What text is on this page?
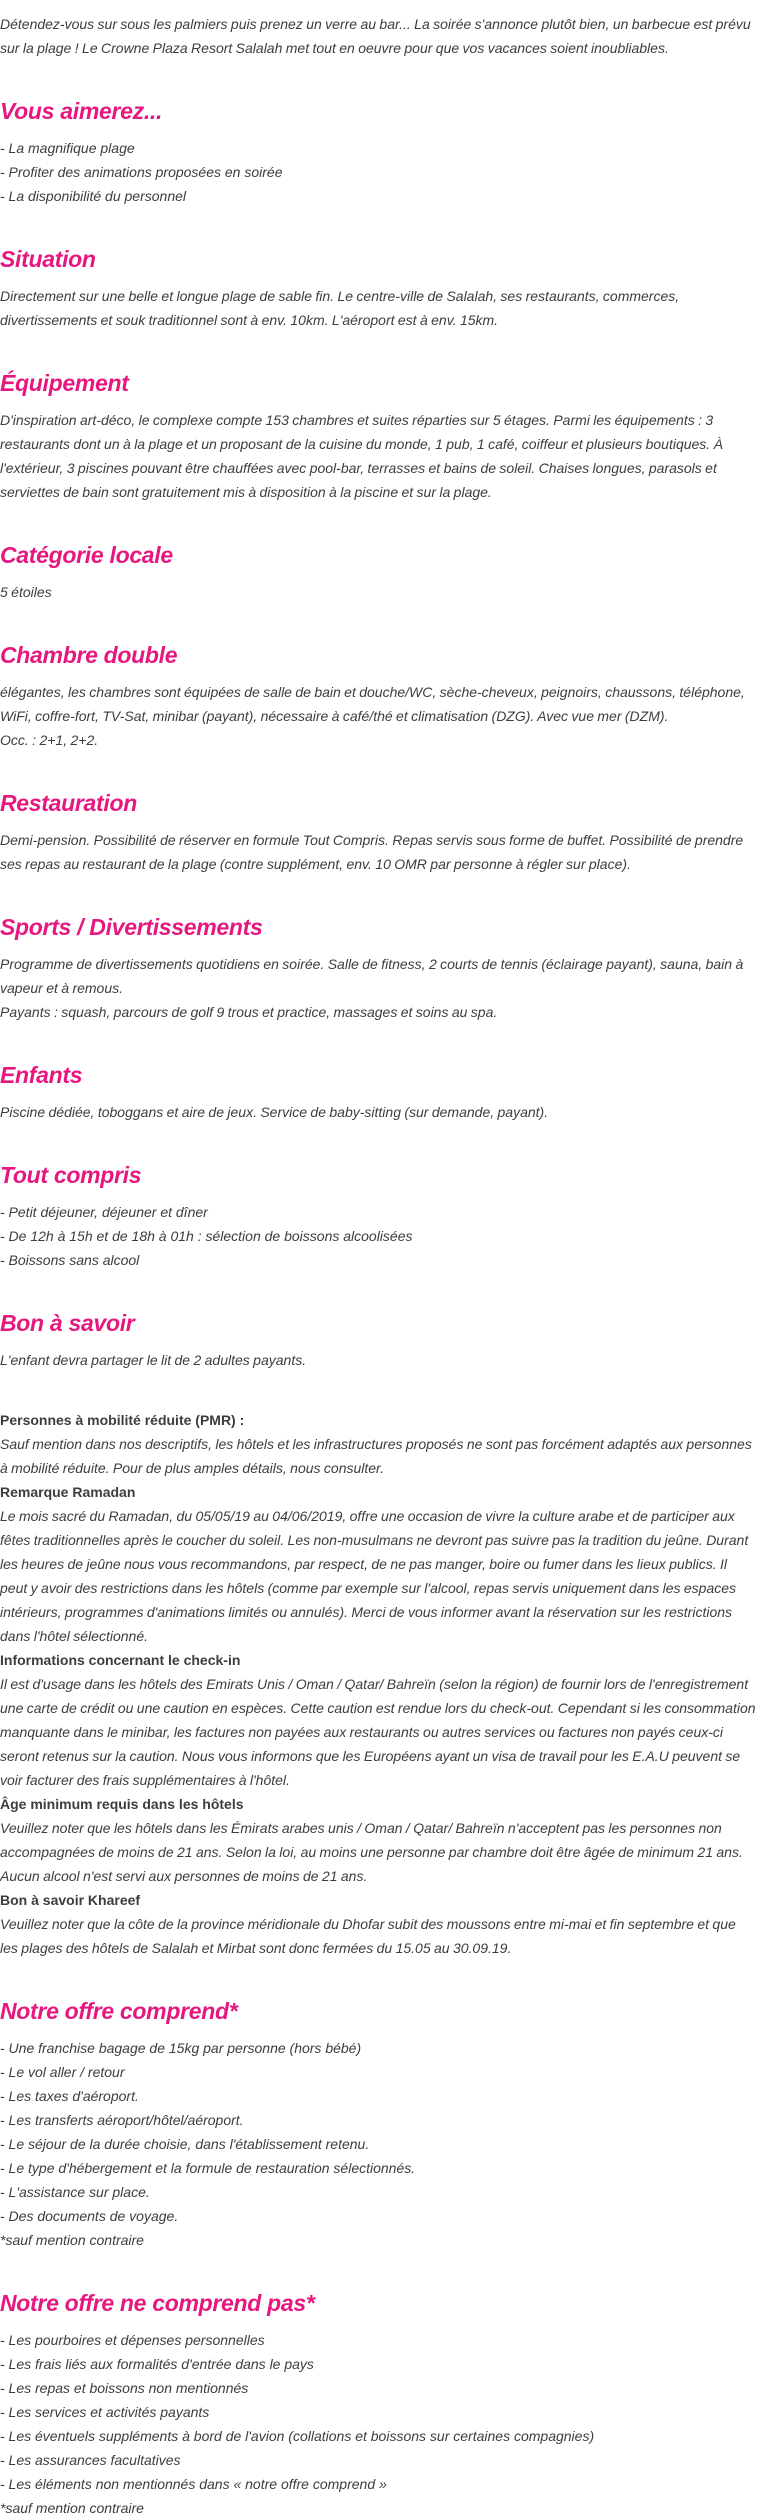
Détendez-vous sur sous les palmiers puis prenez un verre au bar... La soirée s'annonce plutôt bien, un barbecue est prévu sur la plage ! Le Crowne Plaza Resort Salalah met tout en oeuvre pour que vos vacances soient inoubliables.

Vous aimerez...

- La magnifique plage

- Profiter des animations proposées en soirée

- La disponibilité du personnel

Situation

Directement sur une belle et longue plage de sable fin. Le centre-ville de Salalah, ses restaurants, commerces, divertissements et souk traditionnel sont à env. 10km. L'aéroport est à env. 15km.

Équipement

D'inspiration art-déco, le complexe compte 153 chambres et suites réparties sur 5 étages. Parmi les équipements : 3 restaurants dont un à la plage et un proposant de la cuisine du monde, 1 pub, 1 café, coiffeur et plusieurs boutiques. À l'extérieur, 3 piscines pouvant être chauffées avec pool-bar, terrasses et bains de soleil. Chaises longues, parasols et serviettes de bain sont gratuitement mis à disposition à la piscine et sur la plage.

Catégorie locale

5 étoiles

Chambre double

élégantes, les chambres sont équipées de salle de bain et douche/WC, sèche-cheveux, peignoirs, chaussons, téléphone, WiFi, coffre-fort, TV-Sat, minibar (payant), nécessaire à café/thé et climatisation (DZG). Avec vue mer (DZM).

Occ. : 2+1, 2+2.

Restauration

Demi-pension. Possibilité de réserver en formule Tout Compris. Repas servis sous forme de buffet. Possibilité de prendre ses repas au restaurant de la plage (contre supplément, env. 10 OMR par personne à régler sur place).

Sports / Divertissements

Programme de divertissements quotidiens en soirée. Salle de fitness, 2 courts de tennis (éclairage payant), sauna, bain à vapeur et à remous.

Payants : squash, parcours de golf 9 trous et practice, massages et soins au spa.

Enfants

Piscine dédiée, toboggans et aire de jeux. Service de baby-sitting (sur demande, payant).

Tout compris

- Petit déjeuner, déjeuner et dîner

- De 12h à 15h et de 18h à 01h : sélection de boissons alcoolisées

- Boissons sans alcool

Bon à savoir

L'enfant devra partager le lit de 2 adultes payants.

Personnes à mobilité réduite (PMR) :

Sauf mention dans nos descriptifs, les hôtels et les infrastructures proposés ne sont pas forcément adaptés aux personnes à mobilité réduite. Pour de plus amples détails, nous consulter.

Remarque Ramadan

Le mois sacré du Ramadan, du 05/05/19 au 04/06/2019, offre une occasion de vivre la culture arabe et de participer aux fêtes traditionnelles après le coucher du soleil. Les non-musulmans ne devront pas suivre pas la tradition du jeûne. Durant les heures de jeûne nous vous recommandons, par respect, de ne pas manger, boire ou fumer dans les lieux publics. Il peut y avoir des restrictions dans les hôtels (comme par exemple sur l'alcool, repas servis uniquement dans les espaces intérieurs, programmes d'animations limités ou annulés). Merci de vous informer avant la réservation sur les restrictions dans l'hôtel sélectionné.

Informations concernant le check-in

Il est d'usage dans les hôtels des Emirats Unis / Oman / Qatar/ Bahreïn (selon la région) de fournir lors de l'enregistrement une carte de crédit ou une caution en espèces. Cette caution est rendue lors du check-out. Cependant si les consommation manquante dans le minibar, les factures non payées aux restaurants ou autres services ou factures non payés ceux-ci seront retenus sur la caution. Nous vous informons que les Européens ayant un visa de travail pour les E.A.U peuvent se voir facturer des frais supplémentaires à l'hôtel.

Âge minimum requis dans les hôtels

Veuillez noter que les hôtels dans les Émirats arabes unis / Oman / Qatar/ Bahreïn n'acceptent pas les personnes non accompagnées de moins de 21 ans. Selon la loi, au moins une personne par chambre doit être âgée de minimum 21 ans. Aucun alcool n'est servi aux personnes de moins de 21 ans.

Bon à savoir Khareef

Veuillez noter que la côte de la province méridionale du Dhofar subit des moussons entre mi-mai et fin septembre et que les plages des hôtels de Salalah et Mirbat sont donc fermées du 15.05 au 30.09.19.

Notre offre comprend*

- Une franchise bagage de 15kg par personne (hors bébé)

- Le vol aller / retour

- Les taxes d'aéroport.

- Les transferts aéroport/hôtel/aéroport.

- Le séjour de la durée choisie, dans l'établissement retenu.

- Le type d'hébergement et la formule de restauration sélectionnés.

- L'assistance sur place.

- Des documents de voyage.

*sauf mention contraire

Notre offre ne comprend pas*

- Les pourboires et dépenses personnelles

- Les frais liés aux formalités d'entrée dans le pays

- Les repas et boissons non mentionnés

- Les services et activités payants

- Les éventuels suppléments à bord de l'avion (collations et boissons sur certaines compagnies)

- Les assurances facultatives

- Les éléments non mentionnés dans « notre offre comprend »

*sauf mention contraire
